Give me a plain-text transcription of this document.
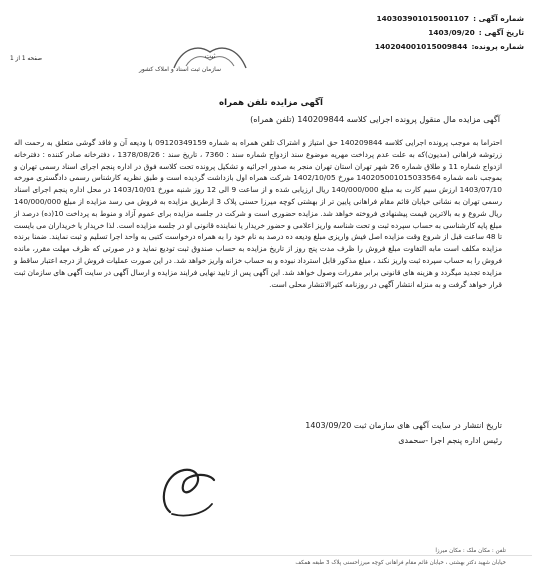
شماره آگهی :
140303901015001107
تاریخ آگهی :
1403/09/20
شماره پرونده:
140204001015009844
ثبت
سازمان ثبت اسناد و املاک کشور
صفحه 1 از 1
آگهی مزایده تلفن همراه
آگهی مزایده مال منقول پرونده اجرایی کلاسه 140209844 (تلفن همراه)
احتراما به موجب پرونده اجرایی کلاسه 140209844 حق امتیاز و اشتراک تلفن همراه به شماره 09120349159 با ودیعه آن و فاقد گوشی متعلق به رحمت اله زرتوشه فراهانی (مدیون)که به علت عدم پرداخت مهریه موضوع سند ازدواج شماره سند : 7360 ، تاریخ سند : 1378/08/26 ، دفترخانه صادر کننده : دفترخانه ازدواج شماره 11 و طلاق شماره 26 شهر تهران استان تهران منجر به صدور اجرائیه و تشکیل پرونده تحت کلاسه فوق در اداره پنجم اجرای اسناد رسمی تهران و بموجب نامه شماره 140205001015033564 مورخ 1402/10/05 شرکت همراه اول بازداشت گردیده است و طبق نظریه کارشناس رسمی دادگستری مورخه 1403/07/10 ارزش سیم کارت به مبلغ 140/000/000 ریال ارزیابی شده و از ساعت 9 الی 12 روز شنبه مورخ 1403/10/01 در محل اداره پنجم اجرای اسناد رسمی تهران به نشانی خیابان قائم مقام فراهانی پایین تر از بهشتی کوچه میرزا حسنی پلاک 3 ازطریق مزایده به فروش می رسد مزایده از مبلغ 140/000/000 ریال شروع و به بالاترین قیمت پیشنهادی فروخته خواهد شد. مزایده حضوری است و شرکت در جلسه مزایده برای عموم آزاد و منوط به پرداخت 10(ده) درصد از مبلغ پایه کارشناسی به حساب سپرده ثبت و تحت شناسه واریز اعلامی و حضور خریدار یا نماینده قانونی او در جلسه مزایده است. لذا خریدار یا خریداران می بایست تا 48 ساعت قبل از شروع وقت مزایده اصل فیش واریزی مبلغ ودیعه ده درصد به نام خود را به همراه درخواست کتبی به واحد اجرا تسلیم و ثبت نمایند. ضمنا برنده مزایده مکلف است مابه التفاوت مبلغ فروش را ظرف مدت پنج روز از تاریخ مزایده به حساب صندوق ثبت تودیع نماید و در صورتی که ظرف مهلت مقرر، مانده فروش را به حساب سپرده ثبت واریز نکند ، مبلغ مذکور قابل استرداد نبوده و به حساب خزانه واریز خواهد شد. در این صورت عملیات فروش از درجه اعتبار ساقط و مزایده تجدید میگردد و هزینه های قانونی برابر مقررات وصول خواهد شد. این آگهی پس از تایید نهایی فرایند مزایده و ارسال آگهی در سایت آگهی های سازمان ثبت قرار خواهد گرفت و به منزله انتشار آگهی در روزنامه کثیرالانتشار محلی است.
تاریخ انتشار در سایت آگهی های سازمان ثبت 1403/09/20
رئیس اداره پنجم اجرا -سحمدی
تلفن : مکان ملک : مکان میرزا
خیابان شهید دکتر بهشتی ، خیابان قائم مقام فراهانی کوچه میرزاحسنی پلاک 3 طبقه همکف
